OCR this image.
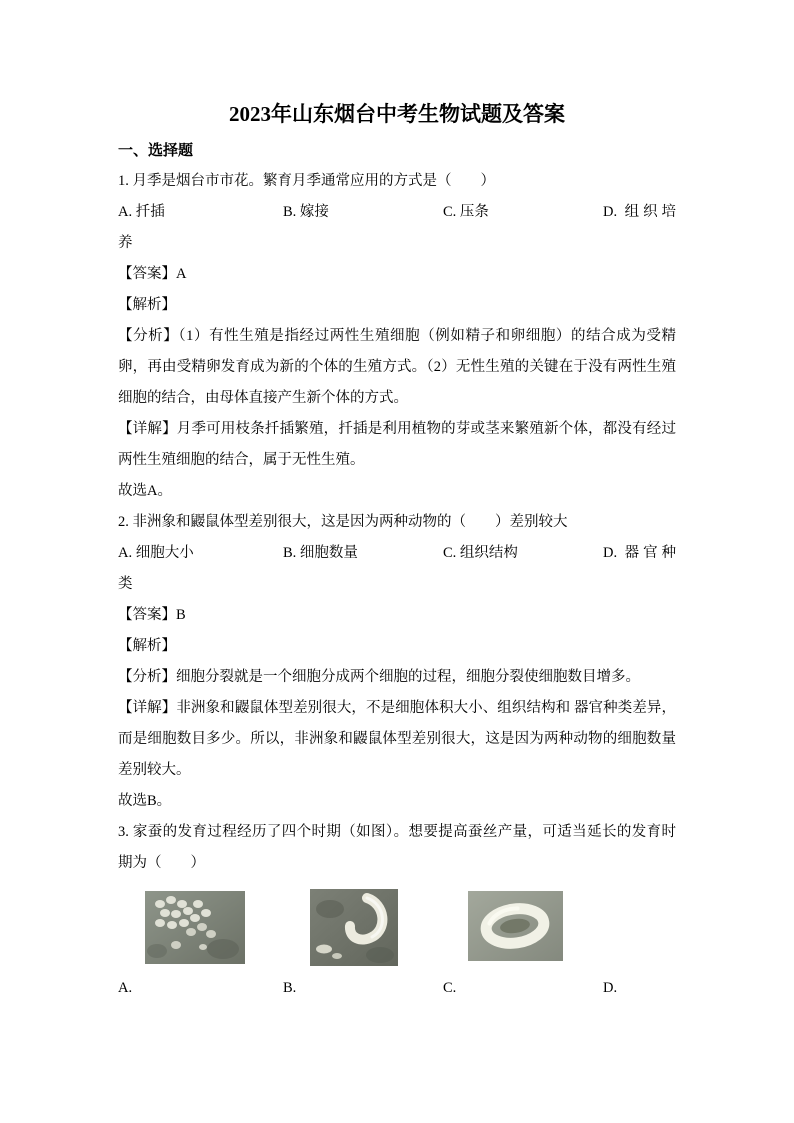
2023年山东烟台中考生物试题及答案
一、选择题

1. 月季是烟台市市花。繁育月季通常应用的方式是（　　）

A. 扦插	B. 嫁接	C. 压条	D. 组织培养

【答案】A

【解析】

【分析】（1）有性生殖是指经过两性生殖细胞（例如精子和卵细胞）的结合成为受精卵，再由受精卵发育成为新的个体的生殖方式。（2）无性生殖的关键在于没有两性生殖细胞的结合，由母体直接产生新个体的方式。

【详解】月季可用枝条扦插繁殖，扦插是利用植物的芽或茎来繁殖新个体，都没有经过两性生殖细胞的结合，属于无性生殖。

故选A。

2. 非洲象和鼹鼠体型差别很大，这是因为两种动物的（　　）差别较大

A. 细胞大小	B. 细胞数量	C. 组织结构	D. 器官种类

【答案】B

【解析】

【分析】细胞分裂就是一个细胞分成两个细胞的过程，细胞分裂使细胞数目增多。

【详解】非洲象和鼹鼠体型差别很大，不是细胞体积大小、组织结构和 器官种类差异，而是细胞数目多少。所以，非洲象和鼹鼠体型差别很大，这是因为两种动物的细胞数量差别较大。

故选B。

3. 家蚕的发育过程经历了四个时期（如图）。想要提高蚕丝产量，可适当延长的发育时期为（　　）

A.	B.	C.	D.
